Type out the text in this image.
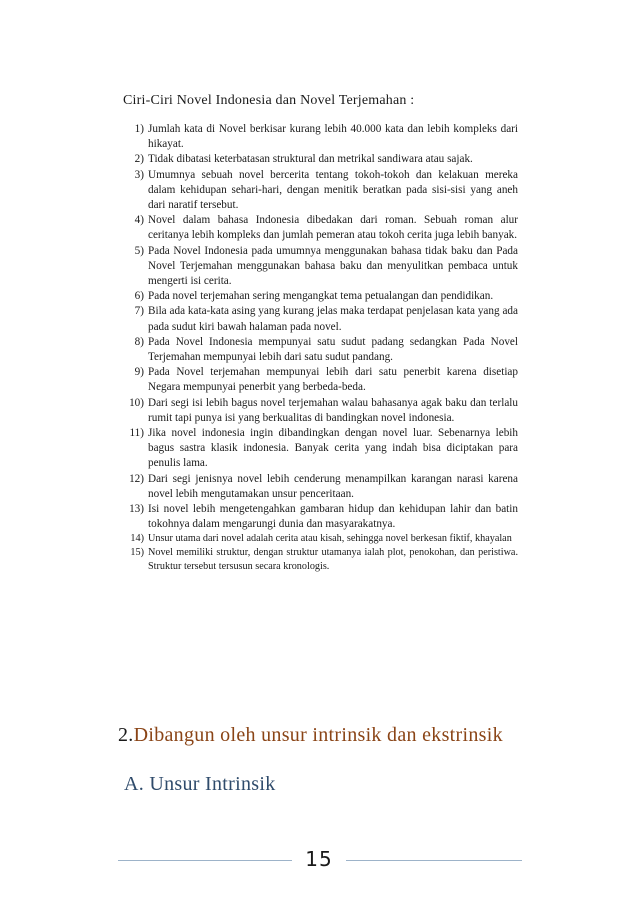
Ciri-Ciri Novel Indonesia dan Novel Terjemahan :
1) Jumlah kata di Novel berkisar kurang lebih 40.000 kata dan lebih kompleks dari hikayat.
2) Tidak dibatasi keterbatasan struktural dan metrikal sandiwara atau sajak.
3) Umumnya sebuah novel bercerita tentang tokoh-tokoh dan kelakuan mereka dalam kehidupan sehari-hari, dengan menitik beratkan pada sisi-sisi yang aneh dari naratif tersebut.
4) Novel dalam bahasa Indonesia dibedakan dari roman. Sebuah roman alur ceritanya lebih kompleks dan jumlah pemeran atau tokoh cerita juga lebih banyak.
5) Pada Novel Indonesia pada umumnya menggunakan bahasa tidak baku dan Pada Novel Terjemahan menggunakan bahasa baku dan menyulitkan pembaca untuk mengerti isi cerita.
6) Pada novel terjemahan sering mengangkat tema petualangan dan pendidikan.
7) Bila ada kata-kata asing yang kurang jelas maka terdapat penjelasan kata yang ada pada sudut kiri bawah halaman pada novel.
8) Pada Novel Indonesia mempunyai satu sudut padang sedangkan Pada Novel Terjemahan mempunyai lebih dari satu sudut pandang.
9) Pada Novel terjemahan mempunyai lebih dari satu penerbit karena disetiap Negara mempunyai penerbit yang berbeda-beda.
10) Dari segi isi lebih bagus novel terjemahan walau bahasanya agak baku dan terlalu rumit tapi punya isi yang berkualitas di bandingkan novel indonesia.
11) Jika novel indonesia ingin dibandingkan dengan novel luar. Sebenarnya lebih bagus sastra klasik indonesia. Banyak cerita yang indah bisa diciptakan para penulis lama.
12) Dari segi jenisnya novel lebih cenderung menampilkan karangan narasi karena novel lebih mengutamakan unsur penceritaan.
13) Isi novel lebih mengetengahkan gambaran hidup dan kehidupan lahir dan batin tokohnya dalam mengarungi dunia dan masyarakatnya.
14) Unsur utama dari novel adalah cerita atau kisah, sehingga novel berkesan fiktif, khayalan
15) Novel memiliki struktur, dengan struktur utamanya ialah plot, penokohan, dan peristiwa. Struktur tersebut tersusun secara kronologis.
2.Dibangun oleh unsur intrinsik dan ekstrinsik
A. Unsur Intrinsik
15
